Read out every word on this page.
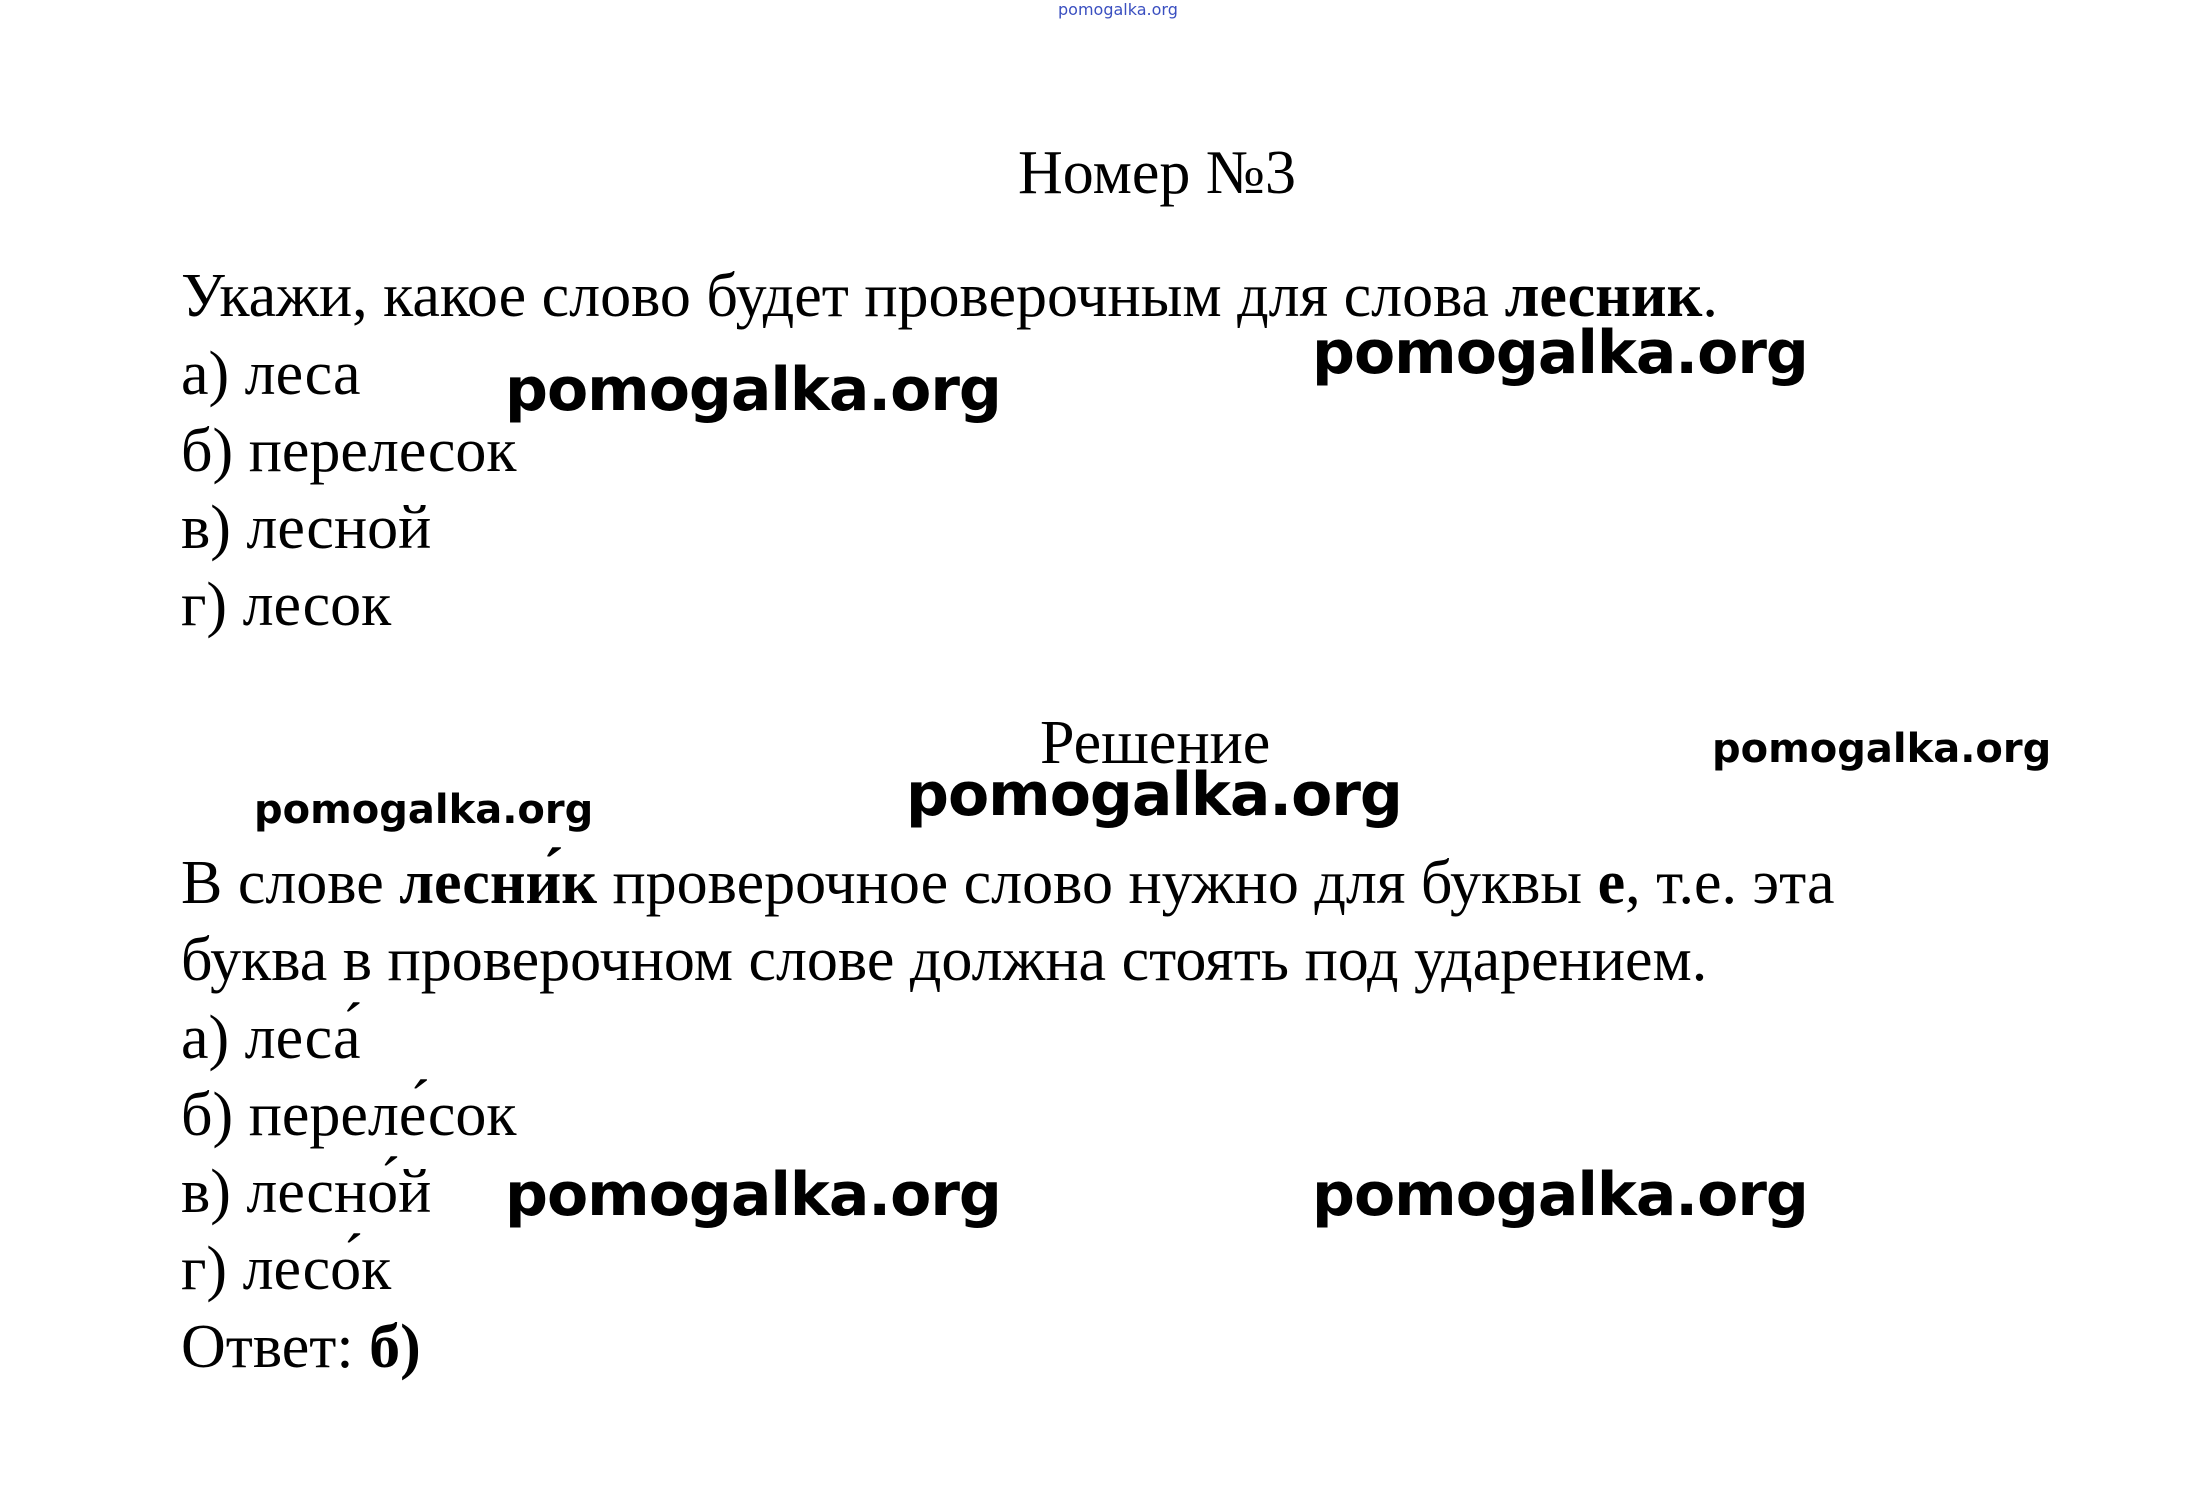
pomogalka.org
Номер №3
Укажи, какое слово будет проверочным для слова лесник.
а) леса
б) перелесок
в) лесной
г) лесок
pomogalka.org
pomogalka.org
Решение	pomogalka.org
pomogalka.org
pomogalka.org
В слове лесни́к проверочное слово нужно для буквы е, т.е. эта
буква в проверочном слове должна стоять под ударением.
а) леса́
б) переле́сок
в) лесно́й
г) лесо́к
Ответ: б)
pomogalka.org	pomogalka.org
